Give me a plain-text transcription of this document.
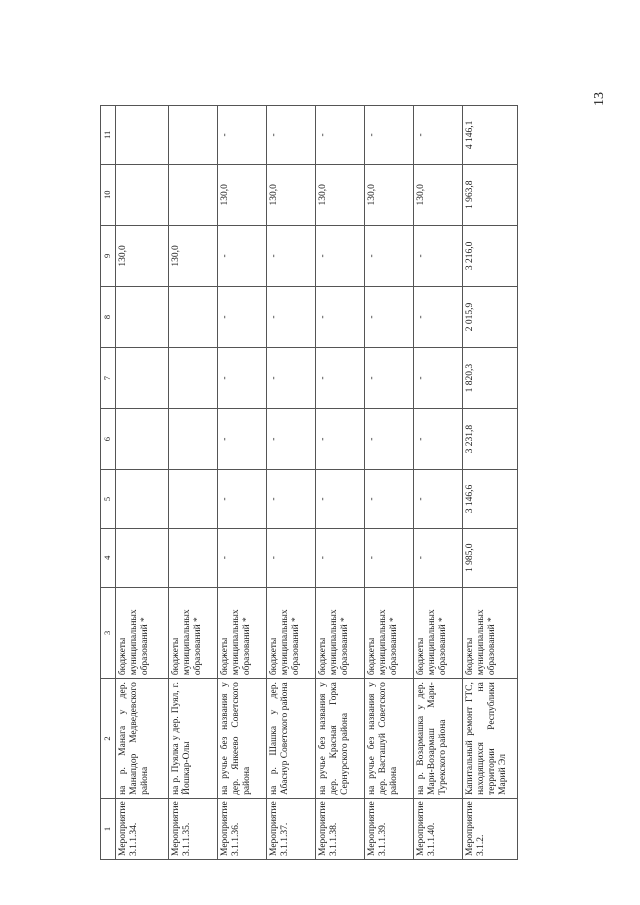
13
1	2	3	4	5	6	7	8	9	10	11
Мероприятие 3.1.1.34.	на р. Манага у дер. Манапдор Медведевского района	бюджеты муниципальных образований *						130,0		
Мероприятие 3.1.1.35.	на р. Пуялка у дер. Пуял, г. Йошкар-Олы	бюджеты муниципальных образований *						130,0		
Мероприятие 3.1.1.36.	на ручье без названия у дер. Янкеево Советского района	бюджеты муниципальных образований *	-	-	-	-	-	-	130,0	-
Мероприятие 3.1.1.37.	на р. Шашка у дер. Абаснур Советского района	бюджеты муниципальных образований *	-	-	-	-	-	-	130,0	-
Мероприятие 3.1.1.38.	на ручье без названия у дер. Красная Горка Сернурского района	бюджеты муниципальных образований *	-	-	-	-	-	-	130,0	-
Мероприятие 3.1.1.39.	на ручье без названия у дер. Васташуй Советского района	бюджеты муниципальных образований *	-	-	-	-	-	-	130,0	-
Мероприятие 3.1.1.40.	на р. Возармашка у дер. Мари-Возармаш Мари-Турекского района	бюджеты муниципальных образований *	-	-	-	-	-	-	130,0	-
Мероприятие 3.1.2.	Капитальный ремонт ГТС, находящихся на территории Республики Марий Эл	бюджеты муниципальных образований *	1 985,0	3 146,6	3 231,8	1 820,3	2 015,9	3 216,0	1 963,8	4 146,1
